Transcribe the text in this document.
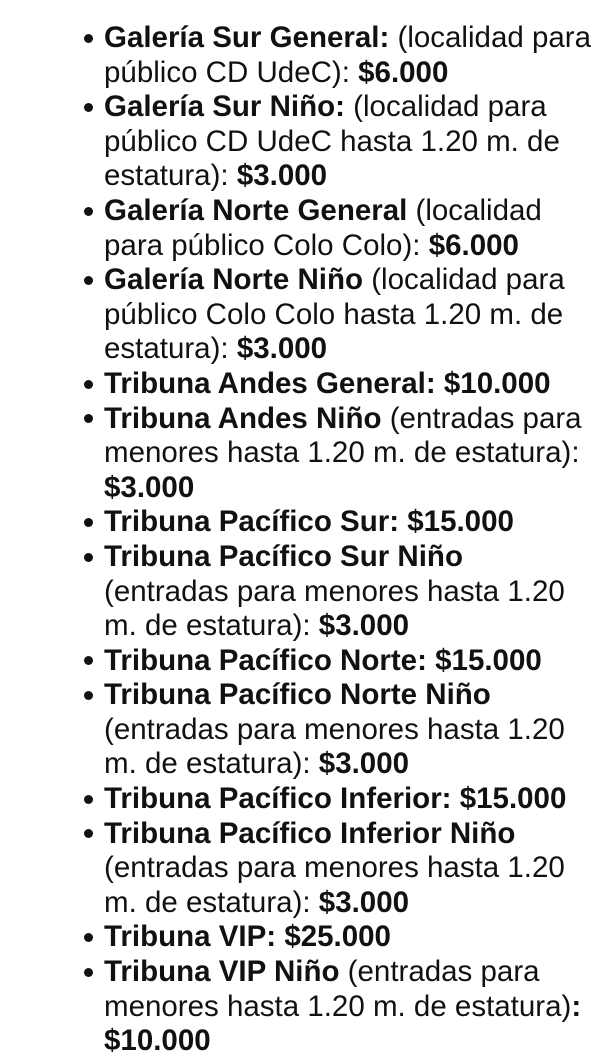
Galería Sur General: (localidad para público CD UdeC): $6.000
Galería Sur Niño: (localidad para público CD UdeC hasta 1.20 m. de estatura): $3.000
Galería Norte General (localidad para público Colo Colo): $6.000
Galería Norte Niño (localidad para público Colo Colo hasta 1.20 m. de estatura): $3.000
Tribuna Andes General: $10.000
Tribuna Andes Niño (entradas para menores hasta 1.20 m. de estatura): $3.000
Tribuna Pacífico Sur: $15.000
Tribuna Pacífico Sur Niño (entradas para menores hasta 1.20 m. de estatura): $3.000
Tribuna Pacífico Norte: $15.000
Tribuna Pacífico Norte Niño (entradas para menores hasta 1.20 m. de estatura): $3.000
Tribuna Pacífico Inferior: $15.000
Tribuna Pacífico Inferior Niño (entradas para menores hasta 1.20 m. de estatura): $3.000
Tribuna VIP: $25.000
Tribuna VIP Niño (entradas para menores hasta 1.20 m. de estatura): $10.000
